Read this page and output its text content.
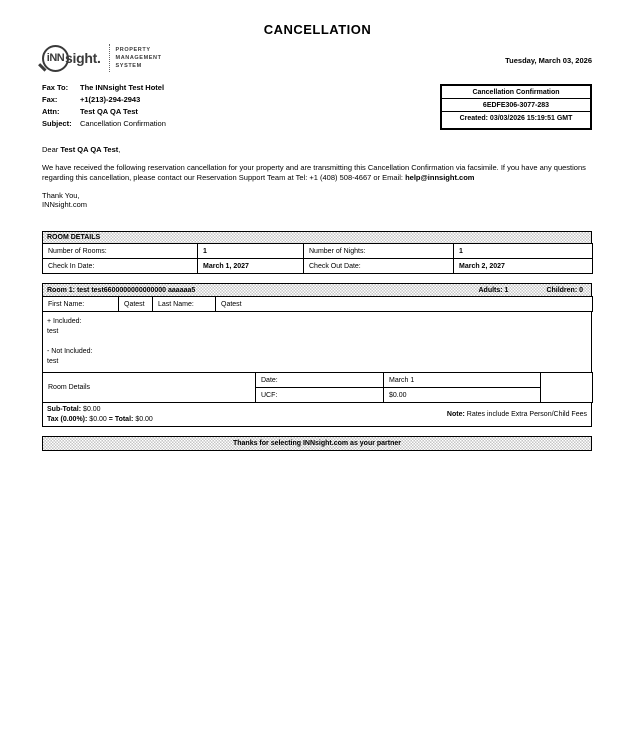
CANCELLATION
iNN sight.	PROPERTY
MANAGEMENT
SYSTEM
Tuesday, March 03, 2026
Fax To:	The INNsight Test Hotel
Fax:	+1(213)-294-2943
Attn:	Test QA QA Test
Subject:	Cancellation Confirmation
Cancellation Confirmation
6EDFE306-3077-283
Created: 03/03/2026 15:19:51 GMT
Dear Test QA QA Test,
We have received the following reservation cancellation for your property and are transmitting this Cancellation Confirmation via facsimile. If you have any questions regarding this cancellation, please contact our Reservation Support Team at Tel: +1 (408) 508-4667 or Email: help@innsight.com
Thank You,
INNsight.com
ROOM DETAILS
Number of Rooms:	1	Number of Nights:	1
Check In Date:	March 1, 2027	Check Out Date:	March 2, 2027
Room 1: test test6600000000000000 aaaaaa5	Adults: 1	Children: 0
First Name:	Qatest	Last Name:	Qatest
+ Included:
test
- Not Included:
test
Room Details	Date:	March 1	
	UCF:	$0.00	
Sub-Total: $0.00
Tax (0.00%): $0.00 = Total: $0.00
Note: Rates include Extra Person/Child Fees
Thanks for selecting INNsight.com as your partner
